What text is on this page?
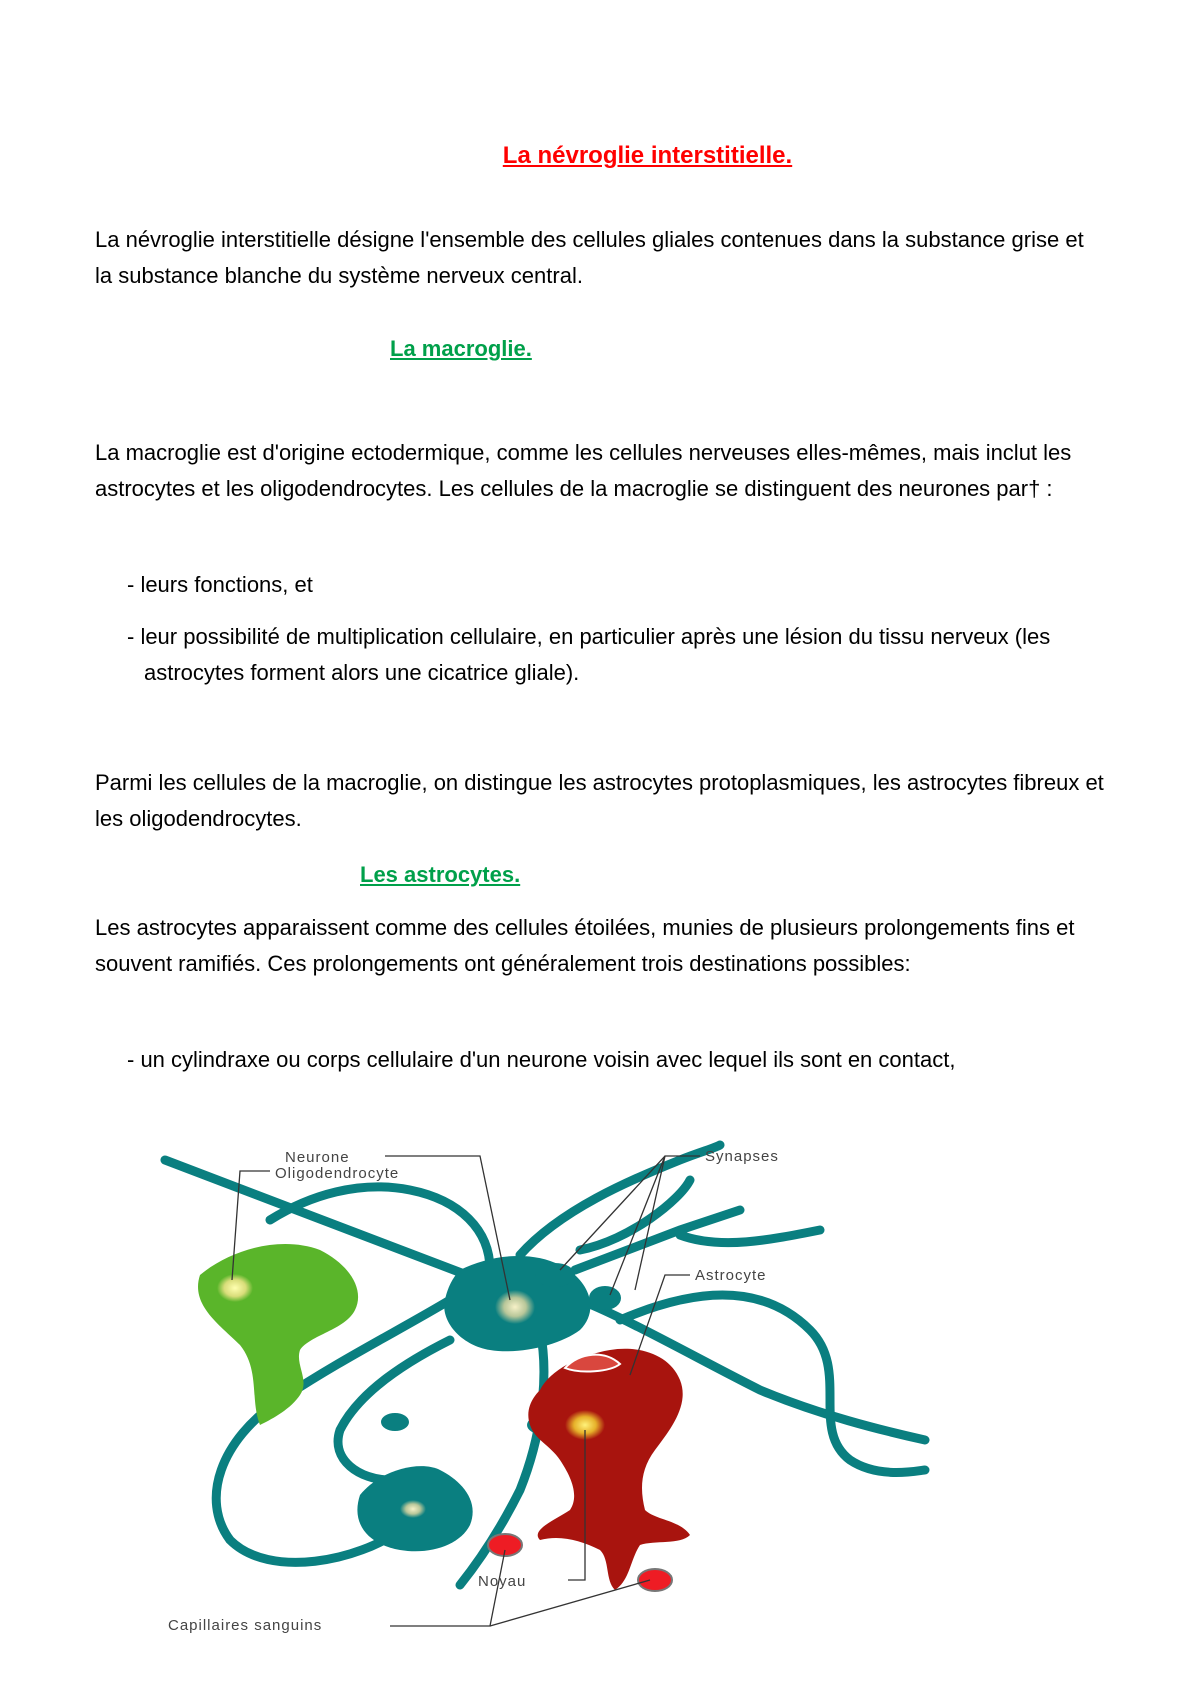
La névroglie interstitielle.

La névroglie interstitielle désigne l'ensemble des cellules gliales contenues dans la substance grise et la substance blanche du système nerveux central.

La macroglie.

La macroglie est d'origine ectodermique, comme les cellules nerveuses elles-mêmes, mais inclut les astrocytes et les oligodendrocytes. Les cellules de la macroglie se distinguent des neurones par† :

- leurs fonctions, et

- leur possibilité de multiplication cellulaire, en particulier après une lésion du tissu nerveux (les astrocytes forment alors une cicatrice gliale).

Parmi les cellules de la macroglie, on distingue les astrocytes protoplasmiques, les astrocytes fibreux et les oligodendrocytes.

Les astrocytes.

Les astrocytes apparaissent comme des cellules étoilées, munies de plusieurs prolongements fins et souvent ramifiés. Ces prolongements ont généralement trois destinations possibles:

- un cylindraxe ou corps cellulaire d'un neurone voisin avec lequel ils sont en contact,

Neurone
Oligodendrocyte
Synapses
Astrocyte
Noyau
Capillaires sanguins
